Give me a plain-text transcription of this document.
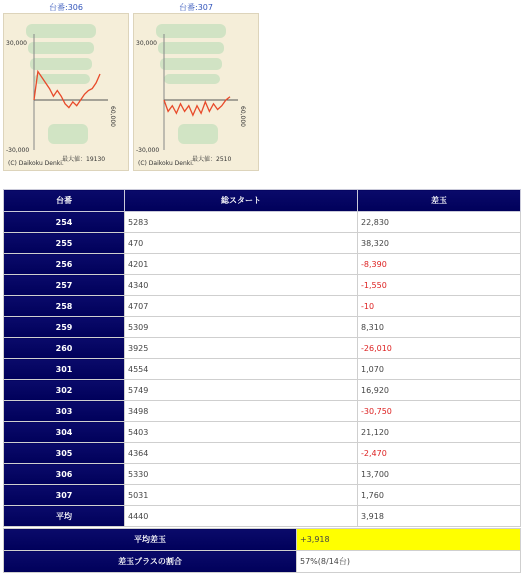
台番:306
30,000
-30,000
60,000
最大値：19130
(C) Daikoku Denki.
台番:307
30,000
-30,000
60,000
最大値：2510
(C) Daikoku Denki.
台番	総スタート	差玉
254	5283	22,830
255	470	38,320
256	4201	-8,390
257	4340	-1,550
258	4707	-10
259	5309	8,310
260	3925	-26,010
301	4554	1,070
302	5749	16,920
303	3498	-30,750
304	5403	21,120
305	4364	-2,470
306	5330	13,700
307	5031	1,760
平均	4440	3,918
平均差玉	+3,918
差玉プラスの割合	57%(8/14台)
